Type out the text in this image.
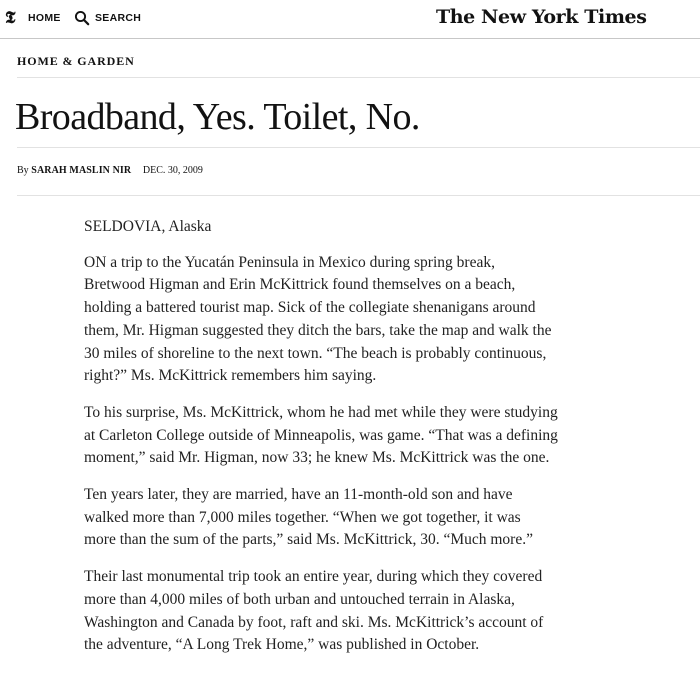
𝕿	HOME	SEARCH	The New York Times
HOME & GARDEN
Broadband, Yes. Toilet, No.
By SARAH MASLIN NIR DEC. 30, 2009

SELDOVIA, Alaska

ON a trip to the Yucatán Peninsula in Mexico during spring break,
Bretwood Higman and Erin McKittrick found themselves on a beach,
holding a battered tourist map. Sick of the collegiate shenanigans around
them, Mr. Higman suggested they ditch the bars, take the map and walk the
30 miles of shoreline to the next town. “The beach is probably continuous,
right?” Ms. McKittrick remembers him saying.

To his surprise, Ms. McKittrick, whom he had met while they were studying
at Carleton College outside of Minneapolis, was game. “That was a defining
moment,” said Mr. Higman, now 33; he knew Ms. McKittrick was the one.

Ten years later, they are married, have an 11-month-old son and have
walked more than 7,000 miles together. “When we got together, it was
more than the sum of the parts,” said Ms. McKittrick, 30. “Much more.”

Their last monumental trip took an entire year, during which they covered
more than 4,000 miles of both urban and untouched terrain in Alaska,
Washington and Canada by foot, raft and ski. Ms. McKittrick’s account of
the adventure, “A Long Trek Home,” was published in October.
